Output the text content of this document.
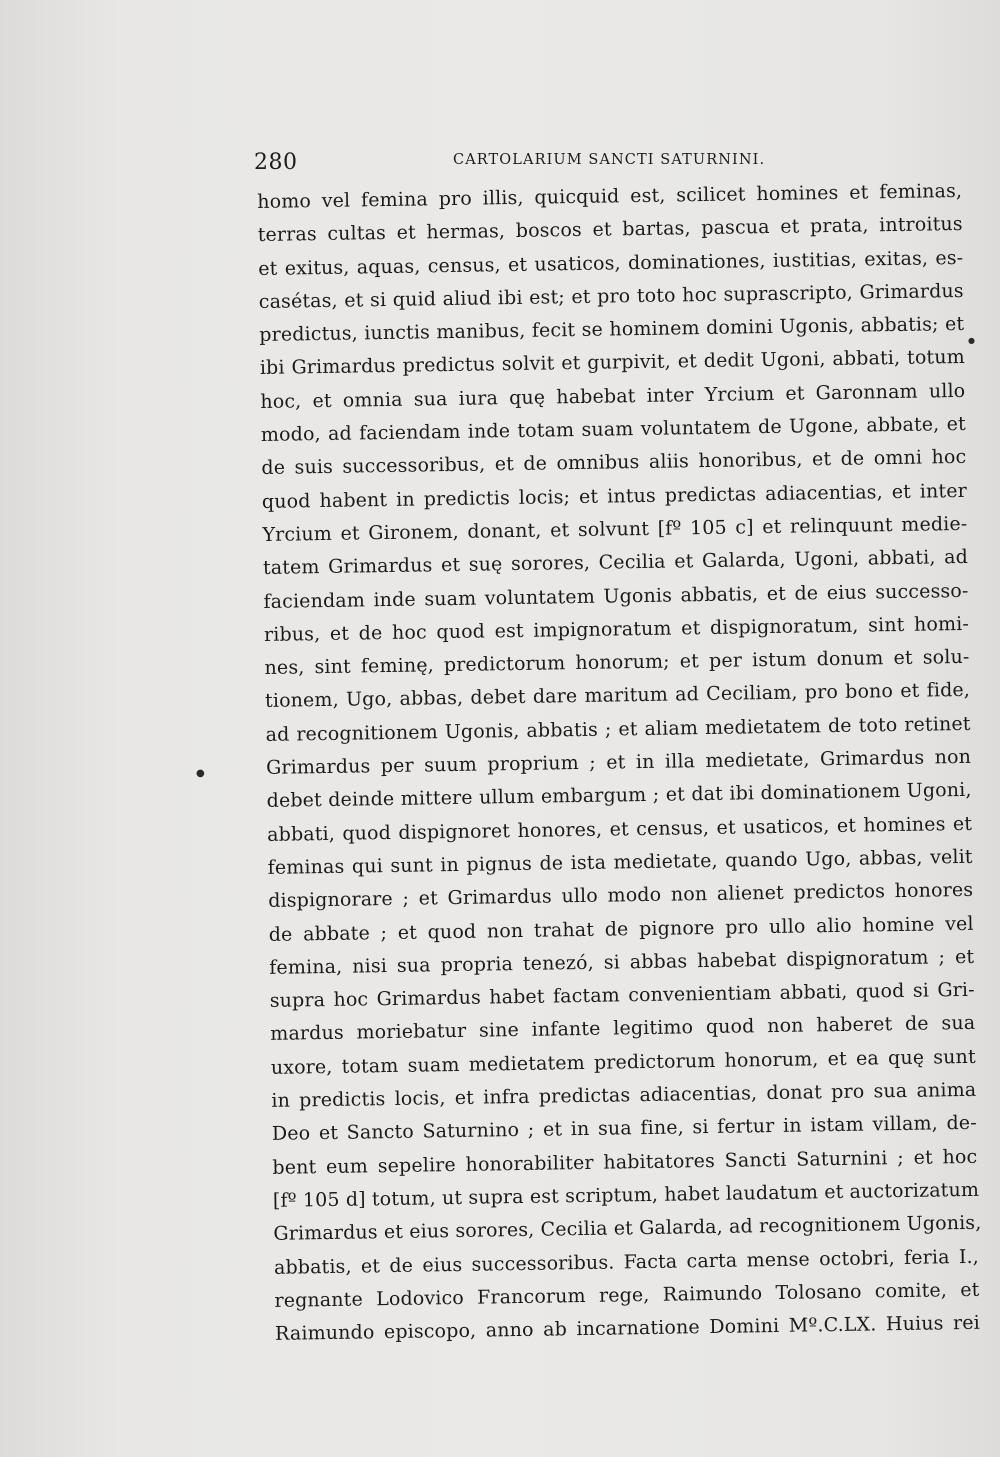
280	CARTOLARIUM SANCTI SATURNINI.
●
●
homo vel femina pro illis, quicquid est, scilicet homines et feminas,
terras cultas et hermas, boscos et bartas, pascua et prata, introitus
et exitus, aquas, census, et usaticos, dominationes, iustitias, exitas, es-
casétas, et si quid aliud ibi est; et pro toto hoc suprascripto, Grimardus
predictus, iunctis manibus, fecit se hominem domini Ugonis, abbatis; et
ibi Grimardus predictus solvit et gurpivit, et dedit Ugoni, abbati, totum
hoc, et omnia sua iura quę habebat inter Yrcium et Garonnam ullo
modo, ad faciendam inde totam suam voluntatem de Ugone, abbate, et
de suis successoribus, et de omnibus aliis honoribus, et de omni hoc
quod habent in predictis locis; et intus predictas adiacentias, et inter
Yrcium et Gironem, donant, et solvunt [fº 105 c] et relinquunt medie-
tatem Grimardus et suę sorores, Cecilia et Galarda, Ugoni, abbati, ad
faciendam inde suam voluntatem Ugonis abbatis, et de eius successo-
ribus, et de hoc quod est impignoratum et dispignoratum, sint homi-
nes, sint feminę, predictorum honorum; et per istum donum et solu-
tionem, Ugo, abbas, debet dare maritum ad Ceciliam, pro bono et fide,
ad recognitionem Ugonis, abbatis ; et aliam medietatem de toto retinet
Grimardus per suum proprium ; et in illa medietate, Grimardus non
debet deinde mittere ullum embargum ; et dat ibi dominationem Ugoni,
abbati, quod dispignoret honores, et census, et usaticos, et homines et
feminas qui sunt in pignus de ista medietate, quando Ugo, abbas, velit
dispignorare ; et Grimardus ullo modo non alienet predictos honores
de abbate ; et quod non trahat de pignore pro ullo alio homine vel
femina, nisi sua propria tenezó, si abbas habebat dispignoratum ; et
supra hoc Grimardus habet factam convenientiam abbati, quod si Gri-
mardus moriebatur sine infante legitimo quod non haberet de sua
uxore, totam suam medietatem predictorum honorum, et ea quę sunt
in predictis locis, et infra predictas adiacentias, donat pro sua anima
Deo et Sancto Saturnino ; et in sua fine, si fertur in istam villam, de-
bent eum sepelire honorabiliter habitatores Sancti Saturnini ; et hoc
[fº 105 d] totum, ut supra est scriptum, habet laudatum et auctorizatum
Grimardus et eius sorores, Cecilia et Galarda, ad recognitionem Ugonis,
abbatis, et de eius successoribus. Facta carta mense octobri, feria I.,
regnante Lodovico Francorum rege, Raimundo Tolosano comite, et
Raimundo episcopo, anno ab incarnatione Domini Mº.C.LX. Huius rei
